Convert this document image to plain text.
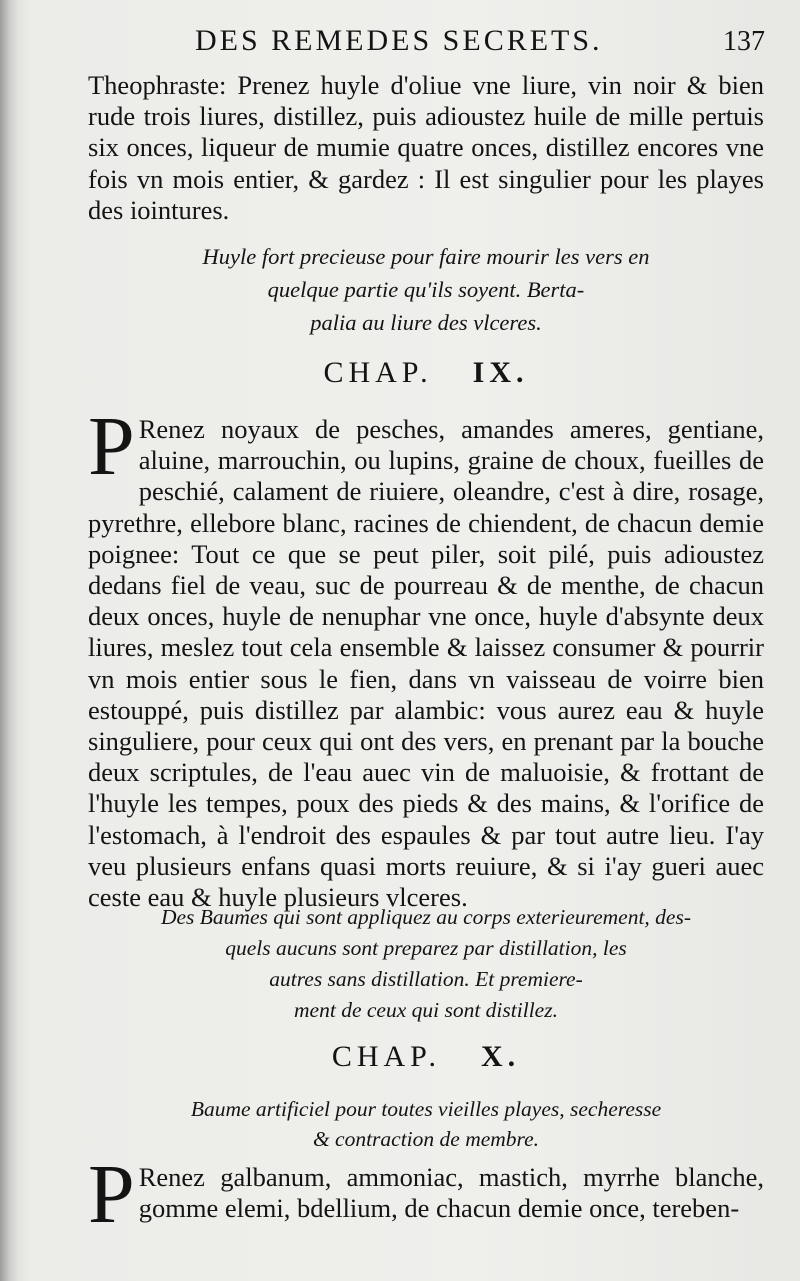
DES REMEDES SECRETS.	137
Theophraste: Prenez huyle d'oliue vne liure, vin noir & bien rude trois liures, distillez, puis adioustez huile de mille pertuis six onces, liqueur de mumie quatre onces, distillez encores vne fois vn mois entier, & gardez : Il est singulier pour les playes des iointures.
Huyle fort precieuse pour faire mourir les vers en
quelque partie qu'ils soyent. Berta-
palia au liure des vlceres.
CHAP. IX.
P Renez noyaux de pesches, amandes ameres, gentiane, aluine, marrouchin, ou lupins, graine de choux, fueilles de peschié, calament de riuiere, oleandre, c'est à dire, rosage, pyrethre, ellebore blanc, racines de chiendent, de chacun demie poignee: Tout ce que se peut piler, soit pilé, puis adioustez dedans fiel de veau, suc de pourreau & de menthe, de chacun deux onces, huyle de nenuphar vne once, huyle d'absynte deux liures, meslez tout cela ensemble & laissez consumer & pourrir vn mois entier sous le fien, dans vn vaisseau de voirre bien estouppé, puis distillez par alambic: vous aurez eau & huyle singuliere, pour ceux qui ont des vers, en prenant par la bouche deux scriptules, de l'eau auec vin de maluoisie, & frottant de l'huyle les tempes, poux des pieds & des mains, & l'orifice de l'estomach, à l'endroit des espaules & par tout autre lieu. I'ay veu plusieurs enfans quasi morts reuiure, & si i'ay gueri auec ceste eau & huyle plusieurs vlceres.
Des Baumes qui sont appliquez au corps exterieurement, des-
quels aucuns sont preparez par distillation, les
autres sans distillation. Et premiere-
ment de ceux qui sont distillez.
CHAP. X.
Baume artificiel pour toutes vieilles playes, secheresse
& contraction de membre.
P Renez galbanum, ammoniac, mastich, myrrhe blanche, gomme elemi, bdellium, de chacun demie once, tereben-
